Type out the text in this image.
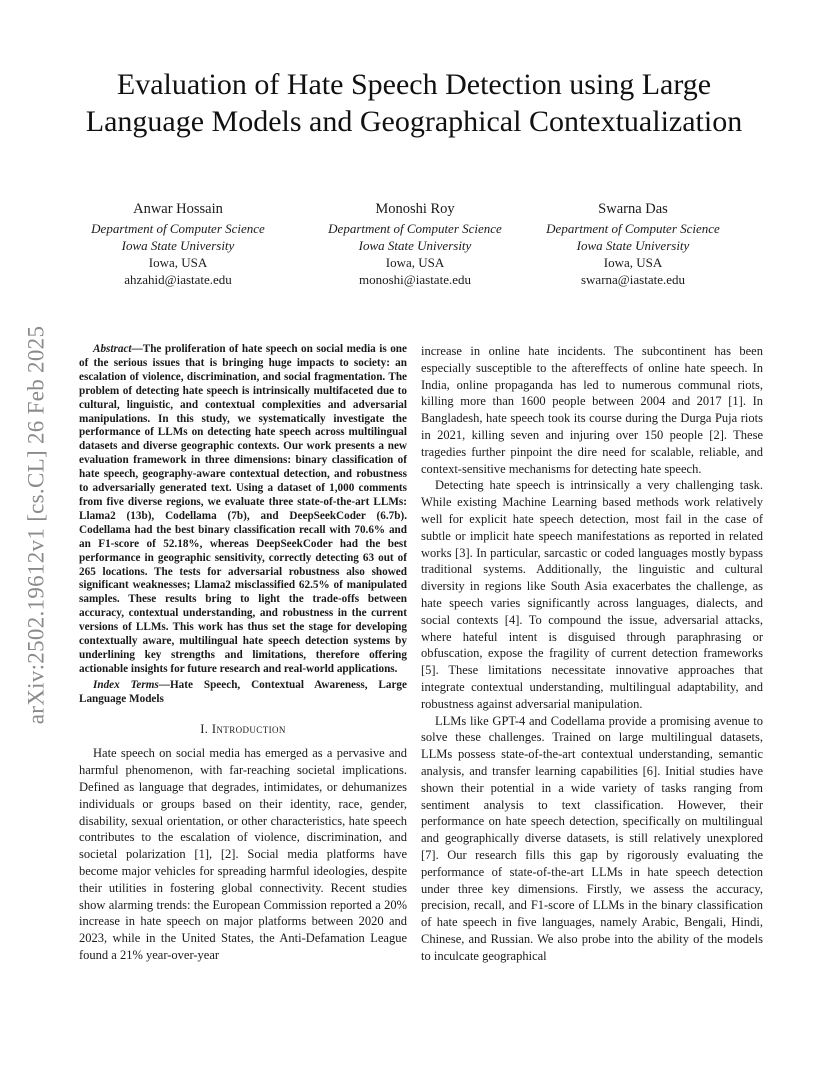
arXiv:2502.19612v1 [cs.CL] 26 Feb 2025
Evaluation of Hate Speech Detection using Large Language Models and Geographical Contextualization
Anwar Hossain
Department of Computer Science
Iowa State University
Iowa, USA
ahzahid@iastate.edu
Monoshi Roy
Department of Computer Science
Iowa State University
Iowa, USA
monoshi@iastate.edu
Swarna Das
Department of Computer Science
Iowa State University
Iowa, USA
swarna@iastate.edu

Abstract—The proliferation of hate speech on social media is one of the serious issues that is bringing huge impacts to society: an escalation of violence, discrimination, and social fragmentation. The problem of detecting hate speech is intrinsically multifaceted due to cultural, linguistic, and contextual complexities and adversarial manipulations. In this study, we systematically investigate the performance of LLMs on detecting hate speech across multilingual datasets and diverse geographic contexts. Our work presents a new evaluation framework in three dimensions: binary classification of hate speech, geography-aware contextual detection, and robustness to adversarially generated text. Using a dataset of 1,000 comments from five diverse regions, we evaluate three state-of-the-art LLMs: Llama2 (13b), Codellama (7b), and DeepSeekCoder (6.7b). Codellama had the best binary classification recall with 70.6% and an F1-score of 52.18%, whereas DeepSeekCoder had the best performance in geographic sensitivity, correctly detecting 63 out of 265 locations. The tests for adversarial robustness also showed significant weaknesses; Llama2 misclassified 62.5% of manipulated samples. These results bring to light the trade-offs between accuracy, contextual understanding, and robustness in the current versions of LLMs. This work has thus set the stage for developing contextually aware, multilingual hate speech detection systems by underlining key strengths and limitations, therefore offering actionable insights for future research and real-world applications.

Index Terms—Hate Speech, Contextual Awareness, Large Language Models

I. Introduction

Hate speech on social media has emerged as a pervasive and harmful phenomenon, with far-reaching societal implications. Defined as language that degrades, intimidates, or dehumanizes individuals or groups based on their identity, race, gender, disability, sexual orientation, or other characteristics, hate speech contributes to the escalation of violence, discrimination, and societal polarization [1], [2]. Social media platforms have become major vehicles for spreading harmful ideologies, despite their utilities in fostering global connectivity. Recent studies show alarming trends: the European Commission reported a 20% increase in hate speech on major platforms between 2020 and 2023, while in the United States, the Anti-Defamation League found a 21% year-over-year

increase in online hate incidents. The subcontinent has been especially susceptible to the aftereffects of online hate speech. In India, online propaganda has led to numerous communal riots, killing more than 1600 people between 2004 and 2017 [1]. In Bangladesh, hate speech took its course during the Durga Puja riots in 2021, killing seven and injuring over 150 people [2]. These tragedies further pinpoint the dire need for scalable, reliable, and context-sensitive mechanisms for detecting hate speech.

Detecting hate speech is intrinsically a very challenging task. While existing Machine Learning based methods work relatively well for explicit hate speech detection, most fail in the case of subtle or implicit hate speech manifestations as reported in related works [3]. In particular, sarcastic or coded languages mostly bypass traditional systems. Additionally, the linguistic and cultural diversity in regions like South Asia exacerbates the challenge, as hate speech varies significantly across languages, dialects, and social contexts [4]. To compound the issue, adversarial attacks, where hateful intent is disguised through paraphrasing or obfuscation, expose the fragility of current detection frameworks [5]. These limitations necessitate innovative approaches that integrate contextual understanding, multilingual adaptability, and robustness against adversarial manipulation.

LLMs like GPT-4 and Codellama provide a promising avenue to solve these challenges. Trained on large multilingual datasets, LLMs possess state-of-the-art contextual understanding, semantic analysis, and transfer learning capabilities [6]. Initial studies have shown their potential in a wide variety of tasks ranging from sentiment analysis to text classification. However, their performance on hate speech detection, specifically on multilingual and geographically diverse datasets, is still relatively unexplored [7]. Our research fills this gap by rigorously evaluating the performance of state-of-the-art LLMs in hate speech detection under three key dimensions. Firstly, we assess the accuracy, precision, recall, and F1-score of LLMs in the binary classification of hate speech in five languages, namely Arabic, Bengali, Hindi, Chinese, and Russian. We also probe into the ability of the models to inculcate geographical
